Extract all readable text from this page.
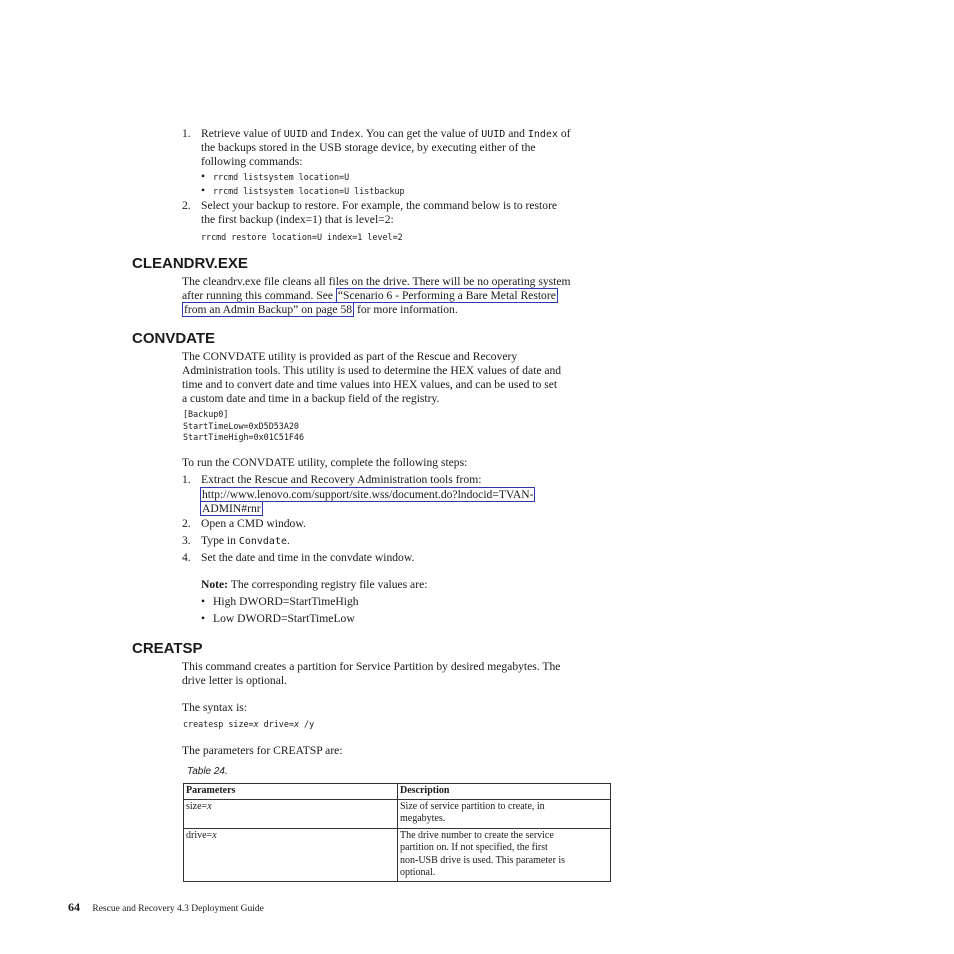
1. Retrieve value of UUID and Index. You can get the value of UUID and Index of
the backups stored in the USB storage device, by executing either of the
following commands:
• rrcmd listsystem location=U
• rrcmd listsystem location=U listbackup
2. Select your backup to restore. For example, the command below is to restore
the first backup (index=1) that is level=2:
rrcmd restore location=U index=1 level=2
CLEANDRV.EXE
The cleandrv.exe file cleans all files on the drive. There will be no operating system
after running this command. See “Scenario 6 - Performing a Bare Metal Restore
from an Admin Backup” on page 58 for more information.
CONVDATE
The CONVDATE utility is provided as part of the Rescue and Recovery
Administration tools. This utility is used to determine the HEX values of date and
time and to convert date and time values into HEX values, and can be used to set
a custom date and time in a backup field of the registry.
[Backup0]
StartTimeLow=0xD5D53A20
StartTimeHigh=0x01C51F46
To run the CONVDATE utility, complete the following steps:
1. Extract the Rescue and Recovery Administration tools from:
http://www.lenovo.com/support/site.wss/document.do?lndocid=TVAN-
ADMIN#rnr
2. Open a CMD window.
3. Type in Convdate.
4. Set the date and time in the convdate window.
Note: The corresponding registry file values are:
• High DWORD=StartTimeHigh
• Low DWORD=StartTimeLow
CREATSP
This command creates a partition for Service Partition by desired megabytes. The
drive letter is optional.
The syntax is:
createsp size=x drive=x /y
The parameters for CREATSP are:
Table 24.
Parameters	Description
size=x	Size of service partition to create, in
megabytes.

drive=x	The drive number to create the service
partition on. If not specified, the first
non-USB drive is used. This parameter is
optional.
64 Rescue and Recovery 4.3 Deployment Guide
